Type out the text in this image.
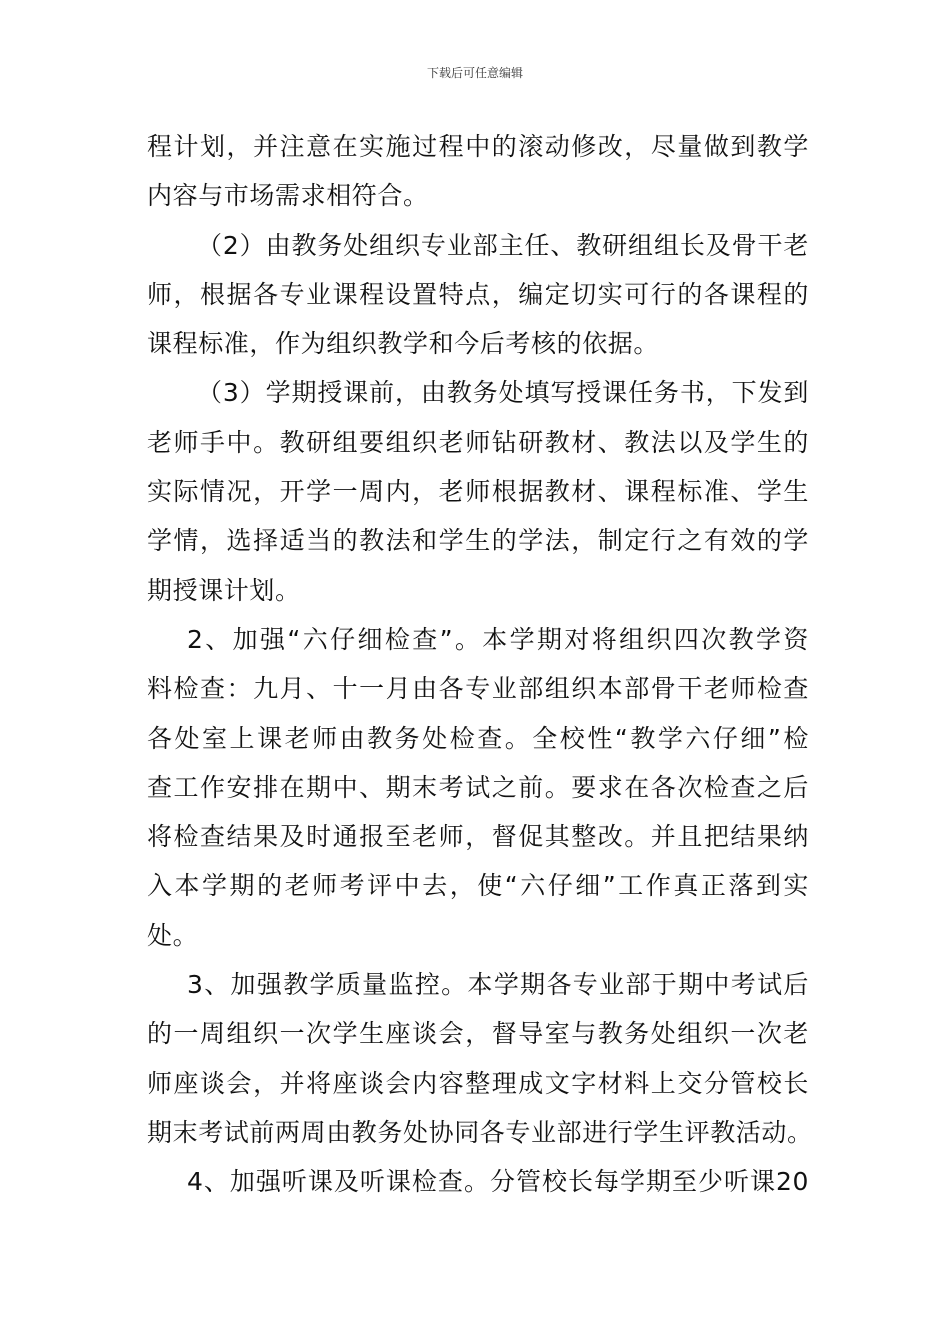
下载后可任意编辑
程计划，并注意在实施过程中的滚动修改，尽量做到教学
内容与市场需求相符合。
（2）由教务处组织专业部主任、教研组组长及骨干老
师，根据各专业课程设置特点，编定切实可行的各课程的
课程标准，作为组织教学和今后考核的依据。
（3）学期授课前，由教务处填写授课任务书，下发到
老师手中。教研组要组织老师钻研教材、教法以及学生的
实际情况，开学一周内，老师根据教材、课程标准、学生
学情，选择适当的教法和学生的学法，制定行之有效的学
期授课计划。
2、加强“六仔细检查”。本学期对将组织四次教学资
料检查：九月、十一月由各专业部组织本部骨干老师检查
各处室上课老师由教务处检查。全校性“教学六仔细”检
查工作安排在期中、期末考试之前。要求在各次检查之后
将检查结果及时通报至老师，督促其整改。并且把结果纳
入本学期的老师考评中去，使“六仔细”工作真正落到实
处。
3、加强教学质量监控。本学期各专业部于期中考试后
的一周组织一次学生座谈会，督导室与教务处组织一次老
师座谈会，并将座谈会内容整理成文字材料上交分管校长
期末考试前两周由教务处协同各专业部进行学生评教活动。
4、加强听课及听课检查。分管校长每学期至少听课20
